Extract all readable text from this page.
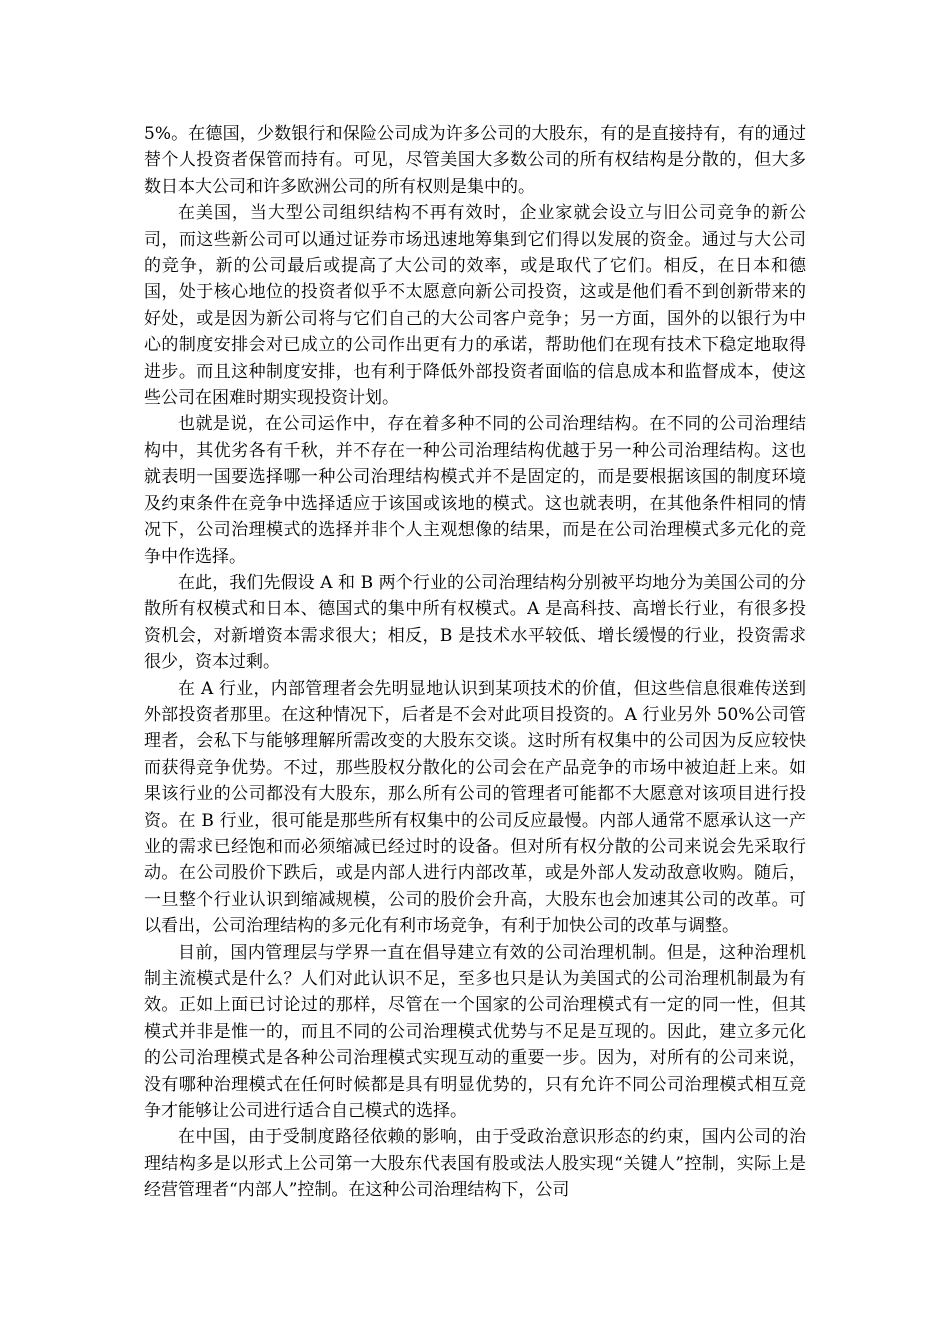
5%。在德国，少数银行和保险公司成为许多公司的大股东，有的是直接持有，有的通过替个人投资者保管而持有。可见，尽管美国大多数公司的所有权结构是分散的，但大多数日本大公司和许多欧洲公司的所有权则是集中的。

在美国，当大型公司组织结构不再有效时，企业家就会设立与旧公司竞争的新公司，而这些新公司可以通过证券市场迅速地筹集到它们得以发展的资金。通过与大公司的竞争，新的公司最后或提高了大公司的效率，或是取代了它们。相反，在日本和德国，处于核心地位的投资者似乎不太愿意向新公司投资，这或是他们看不到创新带来的好处，或是因为新公司将与它们自己的大公司客户竞争；另一方面，国外的以银行为中心的制度安排会对已成立的公司作出更有力的承诺，帮助他们在现有技术下稳定地取得进步。而且这种制度安排，也有利于降低外部投资者面临的信息成本和监督成本，使这些公司在困难时期实现投资计划。

也就是说，在公司运作中，存在着多种不同的公司治理结构。在不同的公司治理结构中，其优劣各有千秋，并不存在一种公司治理结构优越于另一种公司治理结构。这也就表明一国要选择哪一种公司治理结构模式并不是固定的，而是要根据该国的制度环境及约束条件在竞争中选择适应于该国或该地的模式。这也就表明，在其他条件相同的情况下，公司治理模式的选择并非个人主观想像的结果，而是在公司治理模式多元化的竞争中作选择。

在此，我们先假设 A 和 B 两个行业的公司治理结构分别被平均地分为美国公司的分散所有权模式和日本、德国式的集中所有权模式。A 是高科技、高增长行业，有很多投资机会，对新增资本需求很大；相反，B 是技术水平较低、增长缓慢的行业，投资需求很少，资本过剩。

在 A 行业，内部管理者会先明显地认识到某项技术的价值，但这些信息很难传送到外部投资者那里。在这种情况下，后者是不会对此项目投资的。A 行业另外 50%公司管理者，会私下与能够理解所需改变的大股东交谈。这时所有权集中的公司因为反应较快而获得竞争优势。不过，那些股权分散化的公司会在产品竞争的市场中被迫赶上来。如果该行业的公司都没有大股东，那么所有公司的管理者可能都不大愿意对该项目进行投资。在 B 行业，很可能是那些所有权集中的公司反应最慢。内部人通常不愿承认这一产业的需求已经饱和而必须缩减已经过时的设备。但对所有权分散的公司来说会先采取行动。在公司股价下跌后，或是内部人进行内部改革，或是外部人发动敌意收购。随后，一旦整个行业认识到缩减规模，公司的股价会升高，大股东也会加速其公司的改革。可以看出，公司治理结构的多元化有利市场竞争，有利于加快公司的改革与调整。

目前，国内管理层与学界一直在倡导建立有效的公司治理机制。但是，这种治理机制主流模式是什么？人们对此认识不足，至多也只是认为美国式的公司治理机制最为有效。正如上面已讨论过的那样，尽管在一个国家的公司治理模式有一定的同一性，但其模式并非是惟一的，而且不同的公司治理模式优势与不足是互现的。因此，建立多元化的公司治理模式是各种公司治理模式实现互动的重要一步。因为，对所有的公司来说，没有哪种治理模式在任何时候都是具有明显优势的，只有允许不同公司治理模式相互竞争才能够让公司进行适合自己模式的选择。

在中国，由于受制度路径依赖的影响，由于受政治意识形态的约束，国内公司的治理结构多是以形式上公司第一大股东代表国有股或法人股实现“关键人”控制，实际上是经营管理者“内部人”控制。在这种公司治理结构下，公司
